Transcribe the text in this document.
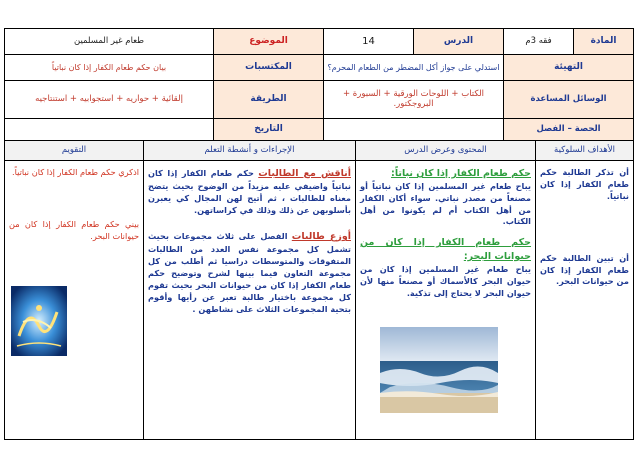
المادة
فقه 3م
الدرس
14
الموضوع
طعام غير المسلمين
التهيئة
استدلي على جواز أكل المضطر من الطعام المحرم؟
المكتسبات
بيان حكم طعام الكفار إذا كان نباتياً
الوسائل المساعدة
الكتاب + اللوحات الورقية + السبورة + البروجكتور.
الطريقة
إلقائية + حواريه + استجوابيه + استنتاجيه
الحصة – الفصل
التاريخ
الأهداف السلوكية
المحتوى وعرض الدرس
الإجراءات و أنشطة التعلم
التقويم
أن تذكر الطالبة حكم طعام الكفار إذا كان نباتياً.
أن تبين الطالبة حكم طعام الكفار إذا كان من حيوانات البحر.
حكم طعام الكفار إذا كان نباتاً:
يباح طعام غير المسلمين إذا كان نباتياً أو مصنعاً من مصدر نباتي. سواء أكان الكفار من أهل الكتاب أم لم يكونوا من أهل الكتاب.
حكم طعام الكفار إذا كان من حيوانات البحر:
يباح طعام غير المسلمين إذا كان من حيوان البحر كالأسماك أو مصنعاً منها لأن حيوان البحر لا يحتاج إلى تذكية.
أناقش مع الطالبات حكم طعام الكفار إذا كان نباتياً واضيفي عليه مزيداً من الوضوح بحيث يتضح معناه للطالبات ، ثم أتيح لهن المجال كي يعبرن بأسلوبهن عن ذلك وذلك في كراساتهن.
أوزع طالبات الفصل على ثلاث مجموعات بحيث تشمل كل مجموعة نفس العدد من الطالبات المتفوقات والمتوسطات دراسيا ثم أطلب من كل مجموعة التعاون فيما بينها لشرح وتوضيح حكم طعام الكفار إذا كان من حيوانات البحر بحيث تقوم كل مجموعة باختيار طالبة تعبر عن رأيها وأقوم بتحية المجموعات الثلاث على نشاطهن .
اذكري حكم طعام الكفار إذا كان نباتياً.
بيني حكم طعام الكفار إذا كان من حيوانات البحر.
